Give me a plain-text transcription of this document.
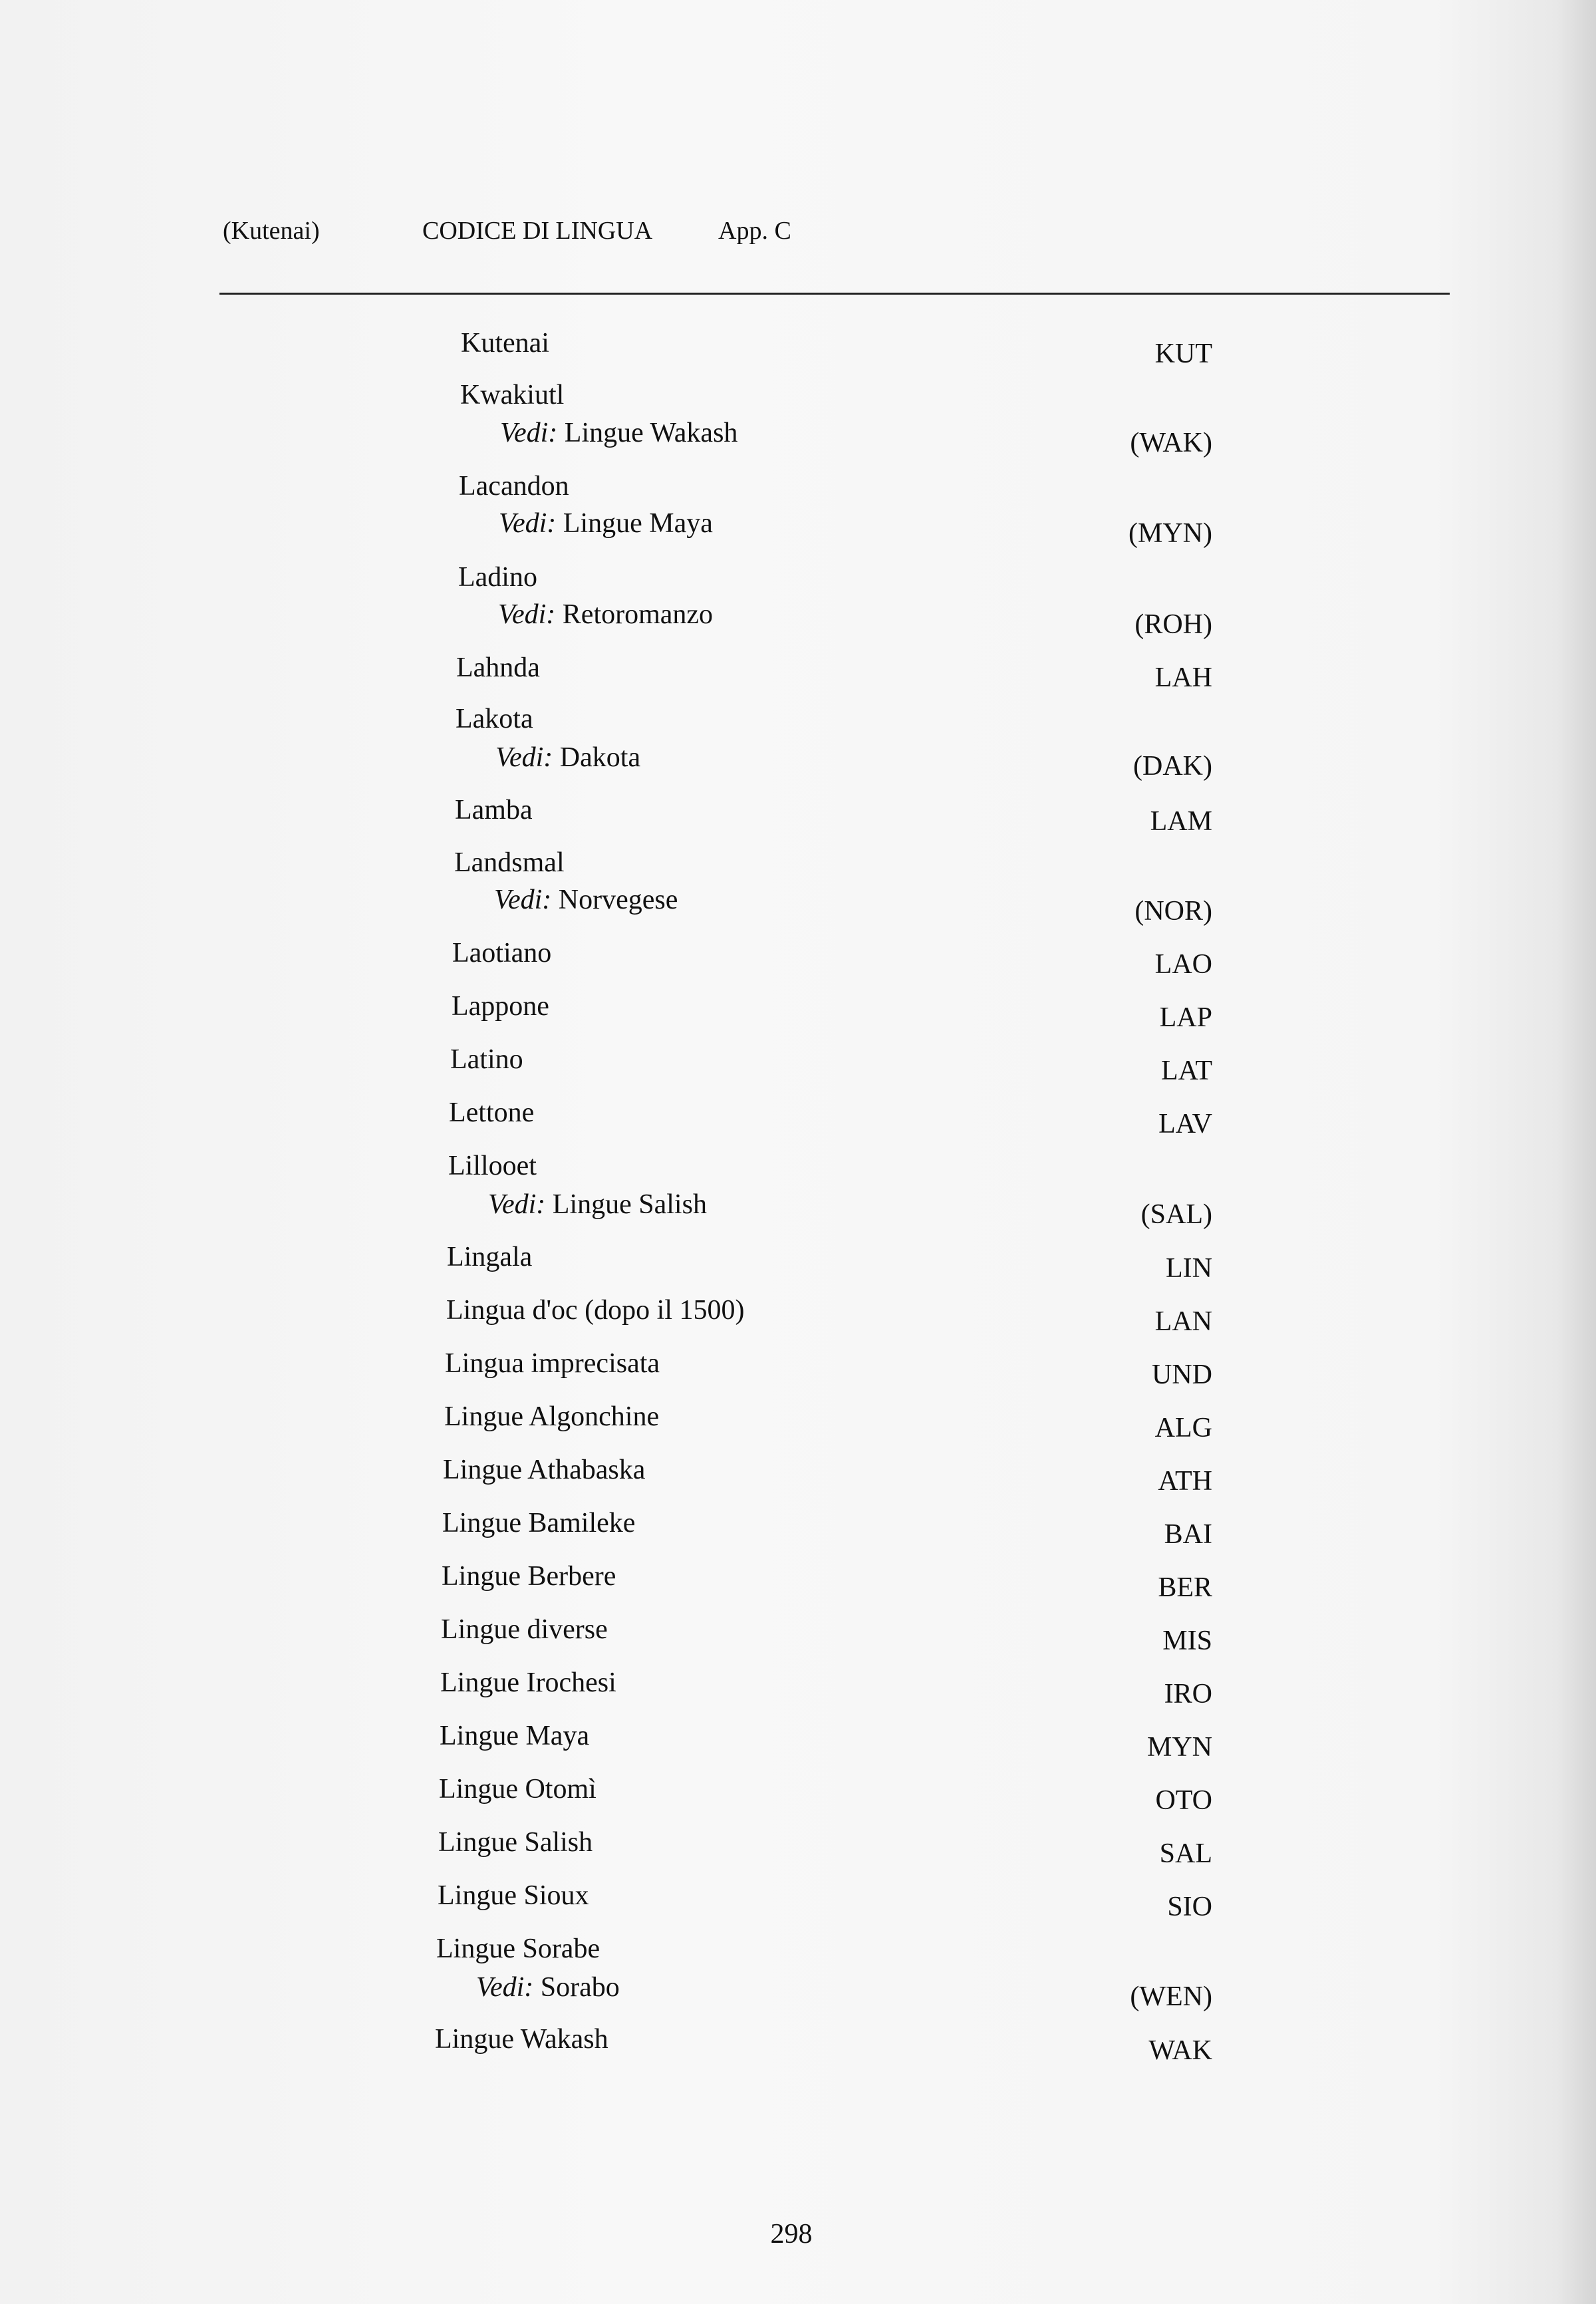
(Kutenai)	CODICE DI LINGUA	App. C
Kutenai	KUT
Kwakiutl
Vedi: Lingue Wakash	(WAK)
Lacandon
Vedi: Lingue Maya	(MYN)
Ladino
Vedi: Retoromanzo	(ROH)
Lahnda	LAH
Lakota
Vedi: Dakota	(DAK)
Lamba	LAM
Landsmal
Vedi: Norvegese	(NOR)
Laotiano	LAO
Lappone	LAP
Latino	LAT
Lettone	LAV
Lillooet
Vedi: Lingue Salish	(SAL)
Lingala	LIN
Lingua d'oc (dopo il 1500)	LAN
Lingua imprecisata	UND
Lingue Algonchine	ALG
Lingue Athabaska	ATH
Lingue Bamileke	BAI
Lingue Berbere	BER
Lingue diverse	MIS
Lingue Irochesi	IRO
Lingue Maya	MYN
Lingue Otomì	OTO
Lingue Salish	SAL
Lingue Sioux	SIO
Lingue Sorabe
Vedi: Sorabo	(WEN)
Lingue Wakash	WAK
298
